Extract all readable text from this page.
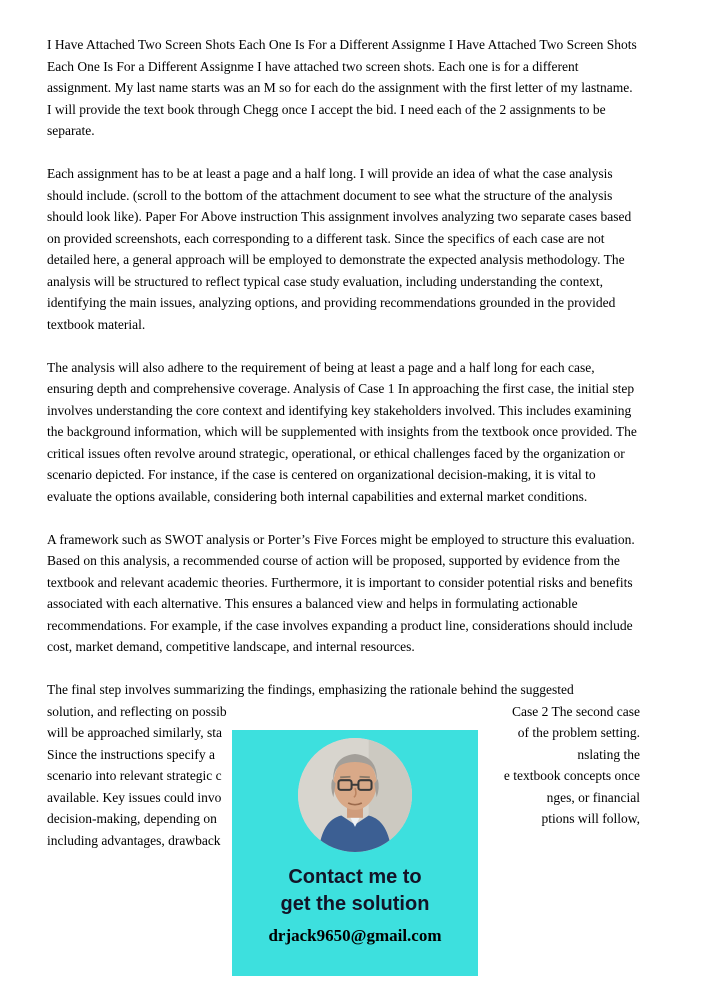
I Have Attached Two Screen Shots Each One Is For a Different Assignme I Have Attached Two Screen Shots Each One Is For a Different Assignme I have attached two screen shots. Each one is for a different assignment. My last name starts was an M so for each do the assignment with the first letter of my lastname. I will provide the text book through Chegg once I accept the bid. I need each of the 2 assignments to be separate.

Each assignment has to be at least a page and a half long. I will provide an idea of what the case analysis should include. (scroll to the bottom of the attachment document to see what the structure of the analysis should look like). Paper For Above instruction This assignment involves analyzing two separate cases based on provided screenshots, each corresponding to a different task. Since the specifics of each case are not detailed here, a general approach will be employed to demonstrate the expected analysis methodology. The analysis will be structured to reflect typical case study evaluation, including understanding the context, identifying the main issues, analyzing options, and providing recommendations grounded in the provided textbook material.

The analysis will also adhere to the requirement of being at least a page and a half long for each case, ensuring depth and comprehensive coverage. Analysis of Case 1 In approaching the first case, the initial step involves understanding the core context and identifying key stakeholders involved. This includes examining the background information, which will be supplemented with insights from the textbook once provided. The critical issues often revolve around strategic, operational, or ethical challenges faced by the organization or scenario depicted. For instance, if the case is centered on organizational decision-making, it is vital to evaluate the options available, considering both internal capabilities and external market conditions.

A framework such as SWOT analysis or Porter’s Five Forces might be employed to structure this evaluation. Based on this analysis, a recommended course of action will be proposed, supported by evidence from the textbook and relevant academic theories. Furthermore, it is important to consider potential risks and benefits associated with each alternative. This ensures a balanced view and helps in formulating actionable recommendations. For example, if the case involves expanding a product line, considerations should include cost, market demand, competitive landscape, and internal resources.

The final step involves summarizing the findings, emphasizing the rationale behind the suggested
solution, and reflecting on possib	Case 2 The second case
will be approached similarly, sta	of the problem setting.
Since the instructions specify a	nslating the
scenario into relevant strategic c	e textbook concepts once
available. Key issues could invo	nges, or financial
decision-making, depending on	ptions will follow,
including advantages, drawback
Contact me to
get the solution
drjack9650@gmail.com
